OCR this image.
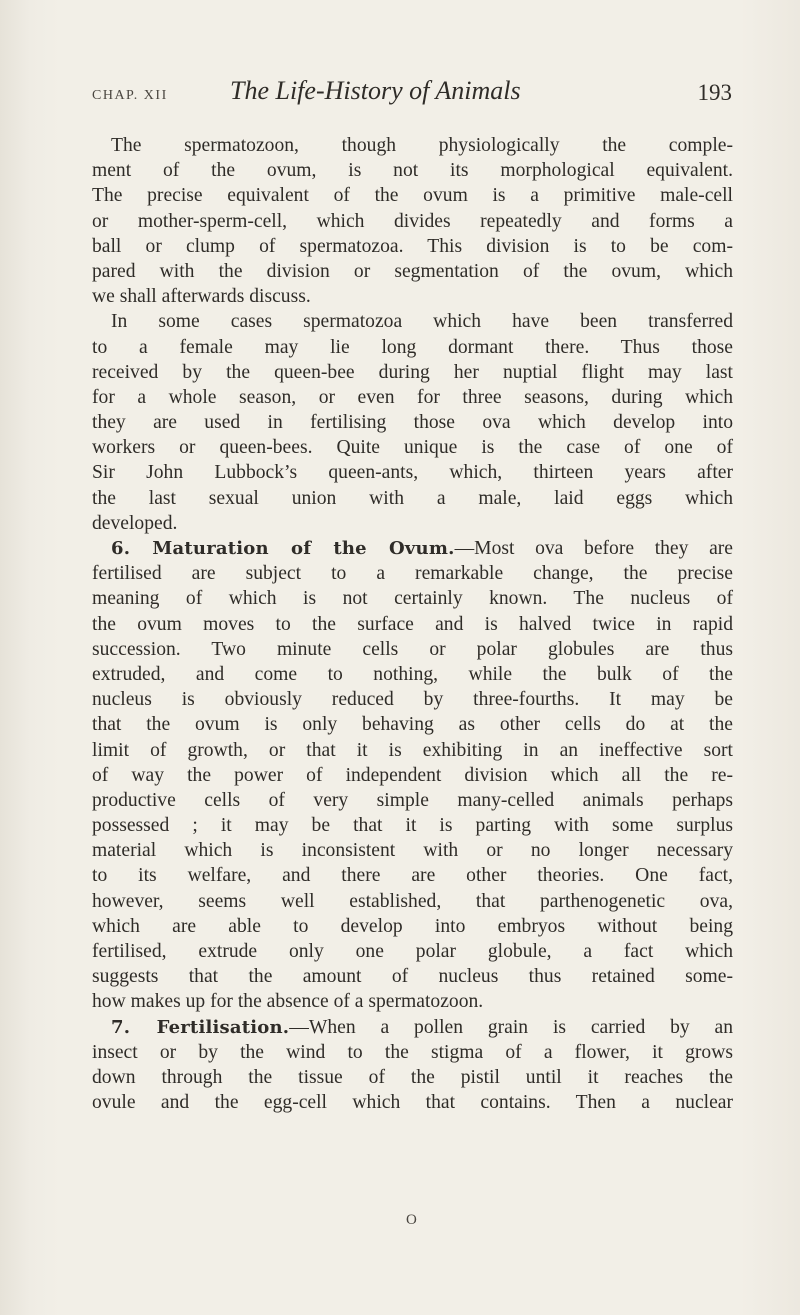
CHAP. XII The Life-History of Animals	193
The spermatozoon, though physiologically the comple-
ment of the ovum, is not its morphological equivalent.
The precise equivalent of the ovum is a primitive male-cell
or mother-sperm-cell, which divides repeatedly and forms a
ball or clump of spermatozoa. This division is to be com-
pared with the division or segmentation of the ovum, which
we shall afterwards discuss.
In some cases spermatozoa which have been transferred
to a female may lie long dormant there. Thus those
received by the queen-bee during her nuptial flight may last
for a whole season, or even for three seasons, during which
they are used in fertilising those ova which develop into
workers or queen-bees. Quite unique is the case of one of
Sir John Lubbock’s queen-ants, which, thirteen years after
the last sexual union with a male, laid eggs which
developed.
6. Maturation of the Ovum.—Most ova before they are
fertilised are subject to a remarkable change, the precise
meaning of which is not certainly known. The nucleus of
the ovum moves to the surface and is halved twice in rapid
succession. Two minute cells or polar globules are thus
extruded, and come to nothing, while the bulk of the
nucleus is obviously reduced by three-fourths. It may be
that the ovum is only behaving as other cells do at the
limit of growth, or that it is exhibiting in an ineffective sort
of way the power of independent division which all the re-
productive cells of very simple many-celled animals perhaps
possessed ; it may be that it is parting with some surplus
material which is inconsistent with or no longer necessary
to its welfare, and there are other theories. One fact,
however, seems well established, that parthenogenetic ova,
which are able to develop into embryos without being
fertilised, extrude only one polar globule, a fact which
suggests that the amount of nucleus thus retained some-
how makes up for the absence of a spermatozoon.
7. Fertilisation.—When a pollen grain is carried by an
insect or by the wind to the stigma of a flower, it grows
down through the tissue of the pistil until it reaches the
ovule and the egg-cell which that contains. Then a nuclear
O
